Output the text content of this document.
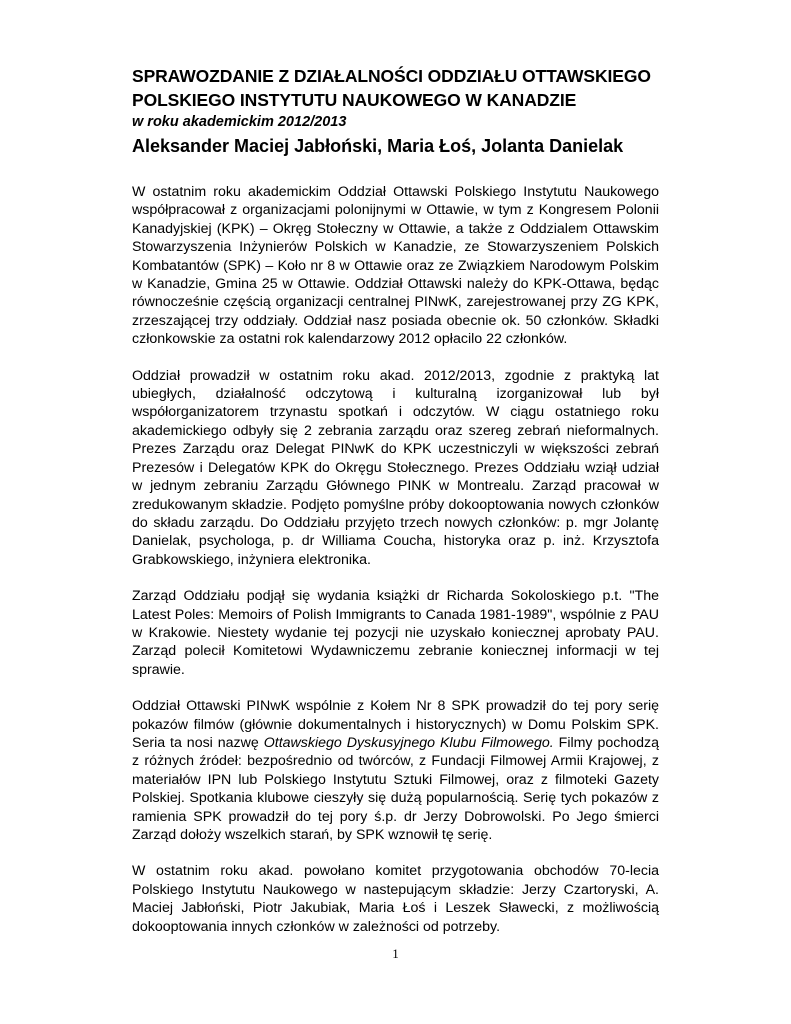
SPRAWOZDANIE Z DZIAŁALNOŚCI ODDZIAŁU OTTAWSKIEGO
POLSKIEGO INSTYTUTU NAUKOWEGO W KANADZIE
w roku akademickim 2012/2013
Aleksander Maciej Jabłoński, Maria Łoś, Jolanta Danielak

W ostatnim roku akademickim Oddział Ottawski Polskiego Instytutu Naukowego współpracował z organizacjami polonijnymi w Ottawie, w tym z Kongresem Polonii Kanadyjskiej (KPK) – Okręg Stołeczny w Ottawie, a także z Oddzialem Ottawskim Stowarzyszenia Inżynierów Polskich w Kanadzie, ze Stowarzyszeniem Polskich Kombatantów (SPK) – Koło nr 8 w Ottawie oraz ze Związkiem Narodowym Polskim w Kanadzie, Gmina 25 w Ottawie. Oddział Ottawski należy do KPK-Ottawa, będąc równocześnie częścią organizacji centralnej PINwK, zarejestrowanej przy ZG KPK, zrzeszającej trzy oddziały. Oddział nasz posiada obecnie ok. 50 członków. Składki członkowskie za ostatni rok kalendarzowy 2012 opłacilo 22 członków.

Oddział prowadził w ostatnim roku akad. 2012/2013, zgodnie z praktyką lat ubiegłych, działalność odczytową i kulturalną izorganizował lub był współorganizatorem trzynastu spotkań i odczytów. W ciągu ostatniego roku akademickiego odbyły się 2 zebrania zarządu oraz szereg zebrań nieformalnych. Prezes Zarządu oraz Delegat PINwK do KPK uczestniczyli w większości zebrań Prezesów i Delegatów KPK do Okręgu Stołecznego. Prezes Oddziału wziął udział w jednym zebraniu Zarządu Głównego PINK w Montrealu. Zarząd pracował w zredukowanym składzie. Podjęto pomyślne próby dokooptowania nowych członków do składu zarządu. Do Oddziału przyjęto trzech nowych członków: p. mgr Jolantę Danielak, psychologa, p. dr Williama Coucha, historyka oraz p. inż. Krzysztofa Grabkowskiego, inżyniera elektronika.

Zarząd Oddziału podjął się wydania książki dr Richarda Sokoloskiego p.t. "The Latest Poles: Memoirs of Polish Immigrants to Canada 1981-1989", wspólnie z PAU w Krakowie. Niestety wydanie tej pozycji nie uzyskało koniecznej aprobaty PAU. Zarząd polecił Komitetowi Wydawniczemu zebranie koniecznej informacji w tej sprawie.

Oddział Ottawski PINwK wspólnie z Kołem Nr 8 SPK prowadził do tej pory serię pokazów filmów (głównie dokumentalnych i historycznych) w Domu Polskim SPK. Seria ta nosi nazwę Ottawskiego Dyskusyjnego Klubu Filmowego. Filmy pochodzą z różnych źródeł: bezpośrednio od twórców, z Fundacji Filmowej Armii Krajowej, z materiałów IPN lub Polskiego Instytutu Sztuki Filmowej, oraz z filmoteki Gazety Polskiej. Spotkania klubowe cieszyły się dużą popularnością. Serię tych pokazów z ramienia SPK prowadził do tej pory ś.p. dr Jerzy Dobrowolski. Po Jego śmierci Zarząd dołoży wszelkich starań, by SPK wznowił tę serię.

W ostatnim roku akad. powołano komitet przygotowania obchodów 70-lecia Polskiego Instytutu Naukowego w nastepującym składzie: Jerzy Czartoryski, A. Maciej Jabłoński, Piotr Jakubiak, Maria Łoś i Leszek Sławecki, z możliwością dokooptowania innych członków w zależności od potrzeby.

1
